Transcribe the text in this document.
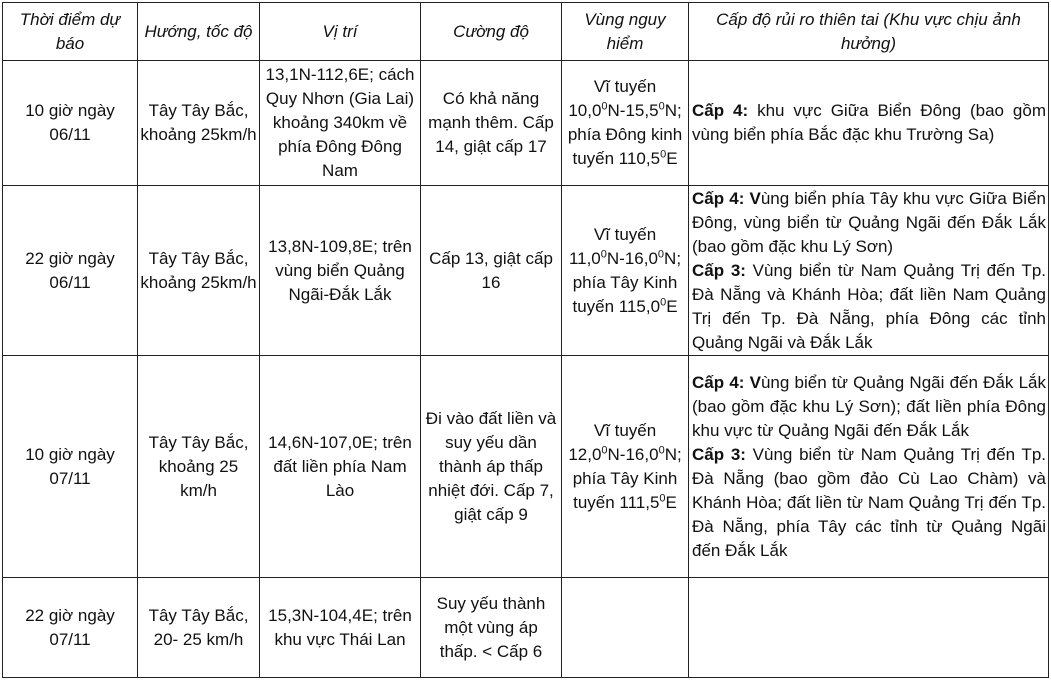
Thời điểm dự báo	Hướng, tốc độ	Vị trí	Cường độ	Vùng nguy hiểm	Cấp độ rủi ro thiên tai (Khu vực chịu ảnh hưởng)
10 giờ ngày 06/11	Tây Tây Bắc, khoảng 25km/h	13,1N-112,6E; cách Quy Nhơn (Gia Lai) khoảng 340km về phía Đông Đông Nam	Có khả năng mạnh thêm. Cấp 14, giật cấp 17	Vĩ tuyến 10,0$^0$N-15,5$^0$N; phía Đông kinh tuyến 110,5$^0$E	Cấp 4: khu vực Giữa Biển Đông (bao gồm vùng biển phía Bắc đặc khu Trường Sa)

22 giờ ngày 06/11	Tây Tây Bắc, khoảng 25km/h	13,8N-109,8E; trên vùng biển Quảng Ngãi-Đắk Lắk	Cấp 13, giật cấp 16	Vĩ tuyến 11,0$^0$N-16,0$^0$N; phía Tây Kinh tuyến 115,0$^0$E	Cấp 4: Vùng biển phía Tây khu vực Giữa Biển Đông, vùng biển từ Quảng Ngãi đến Đắk Lắk (bao gồm đặc khu Lý Sơn)
Cấp 3: Vùng biển từ Nam Quảng Trị đến Tp. Đà Nẵng và Khánh Hòa; đất liền Nam Quảng Trị đến Tp. Đà Nẵng, phía Đông các tỉnh Quảng Ngãi và Đắk Lắk

10 giờ ngày 07/11	Tây Tây Bắc, khoảng 25 km/h	14,6N-107,0E; trên đất liền phía Nam Lào	Đi vào đất liền và suy yếu dần thành áp thấp nhiệt đới. Cấp 7, giật cấp 9	Vĩ tuyến 12,0$^0$N-16,0$^0$N; phía Tây Kinh tuyến 111,5$^0$E	Cấp 4: Vùng biển từ Quảng Ngãi đến Đắk Lắk (bao gồm đặc khu Lý Sơn); đất liền phía Đông khu vực từ Quảng Ngãi đến Đắk Lắk
Cấp 3: Vùng biển từ Nam Quảng Trị đến Tp. Đà Nẵng (bao gồm đảo Cù Lao Chàm) và Khánh Hòa; đất liền từ Nam Quảng Trị đến Tp. Đà Nẵng, phía Tây các tỉnh từ Quảng Ngãi đến Đắk Lắk

22 giờ ngày 07/11	Tây Tây Bắc, 20- 25 km/h	15,3N-104,4E; trên khu vực Thái Lan	Suy yếu thành một vùng áp thấp. < Cấp 6		
